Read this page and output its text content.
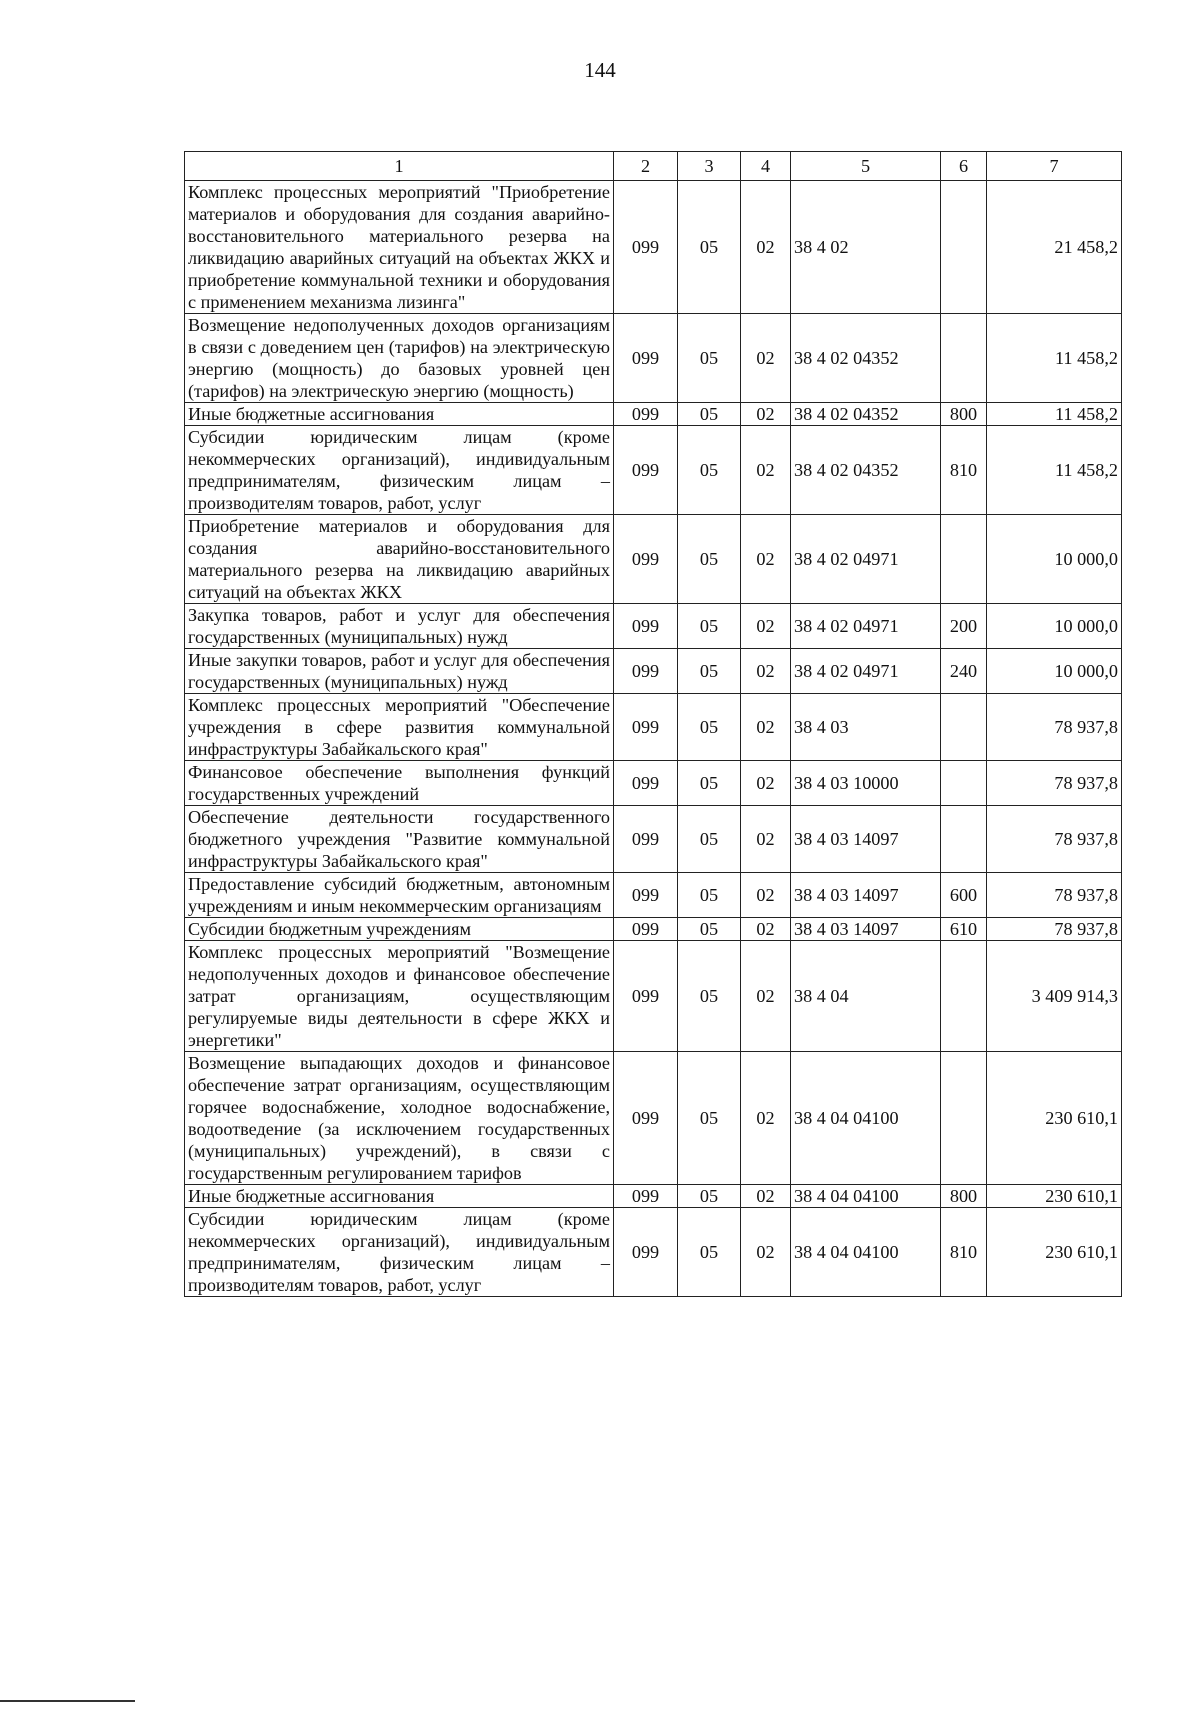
144
1	2	3	4	5	6	7
Комплекс процессных мероприятий "Приобретение материалов и оборудования для создания аварийно-восстановительного материального резерва на ликвидацию аварийных ситуаций на объектах ЖКХ и приобретение коммунальной техники и оборудования с применением механизма лизинга"	099	05	02	38 4 02		21 458,2
Возмещение недополученных доходов организациям в связи с доведением цен (тарифов) на электрическую энергию (мощность) до базовых уровней цен (тарифов) на электрическую энергию (мощность)	099	05	02	38 4 02 04352		11 458,2
Иные бюджетные ассигнования	099	05	02	38 4 02 04352	800	11 458,2
Субсидии юридическим лицам (кроме некоммерческих организаций), индивидуальным предпринимателям, физическим лицам – производителям товаров, работ, услуг	099	05	02	38 4 02 04352	810	11 458,2
Приобретение материалов и оборудования для создания аварийно-восстановительного материального резерва на ликвидацию аварийных ситуаций на объектах ЖКХ	099	05	02	38 4 02 04971		10 000,0
Закупка товаров, работ и услуг для обеспечения государственных (муниципальных) нужд	099	05	02	38 4 02 04971	200	10 000,0
Иные закупки товаров, работ и услуг для обеспечения государственных (муниципальных) нужд	099	05	02	38 4 02 04971	240	10 000,0
Комплекс процессных мероприятий "Обеспечение учреждения в сфере развития коммунальной инфраструктуры Забайкальского края"	099	05	02	38 4 03		78 937,8
Финансовое обеспечение выполнения функций государственных учреждений	099	05	02	38 4 03 10000		78 937,8
Обеспечение деятельности государственного бюджетного учреждения "Развитие коммунальной инфраструктуры Забайкальского края"	099	05	02	38 4 03 14097		78 937,8
Предоставление субсидий бюджетным, автономным учреждениям и иным некоммерческим организациям	099	05	02	38 4 03 14097	600	78 937,8
Субсидии бюджетным учреждениям	099	05	02	38 4 03 14097	610	78 937,8
Комплекс процессных мероприятий "Возмещение недополученных доходов и финансовое обеспечение затрат организациям, осуществляющим регулируемые виды деятельности в сфере ЖКХ и энергетики"	099	05	02	38 4 04		3 409 914,3
Возмещение выпадающих доходов и финансовое обеспечение затрат организациям, осуществляющим горячее водоснабжение, холодное водоснабжение, водоотведение (за исключением государственных (муниципальных) учреждений), в связи с государственным регулированием тарифов	099	05	02	38 4 04 04100		230 610,1
Иные бюджетные ассигнования	099	05	02	38 4 04 04100	800	230 610,1
Субсидии юридическим лицам (кроме некоммерческих организаций), индивидуальным предпринимателям, физическим лицам – производителям товаров, работ, услуг	099	05	02	38 4 04 04100	810	230 610,1
